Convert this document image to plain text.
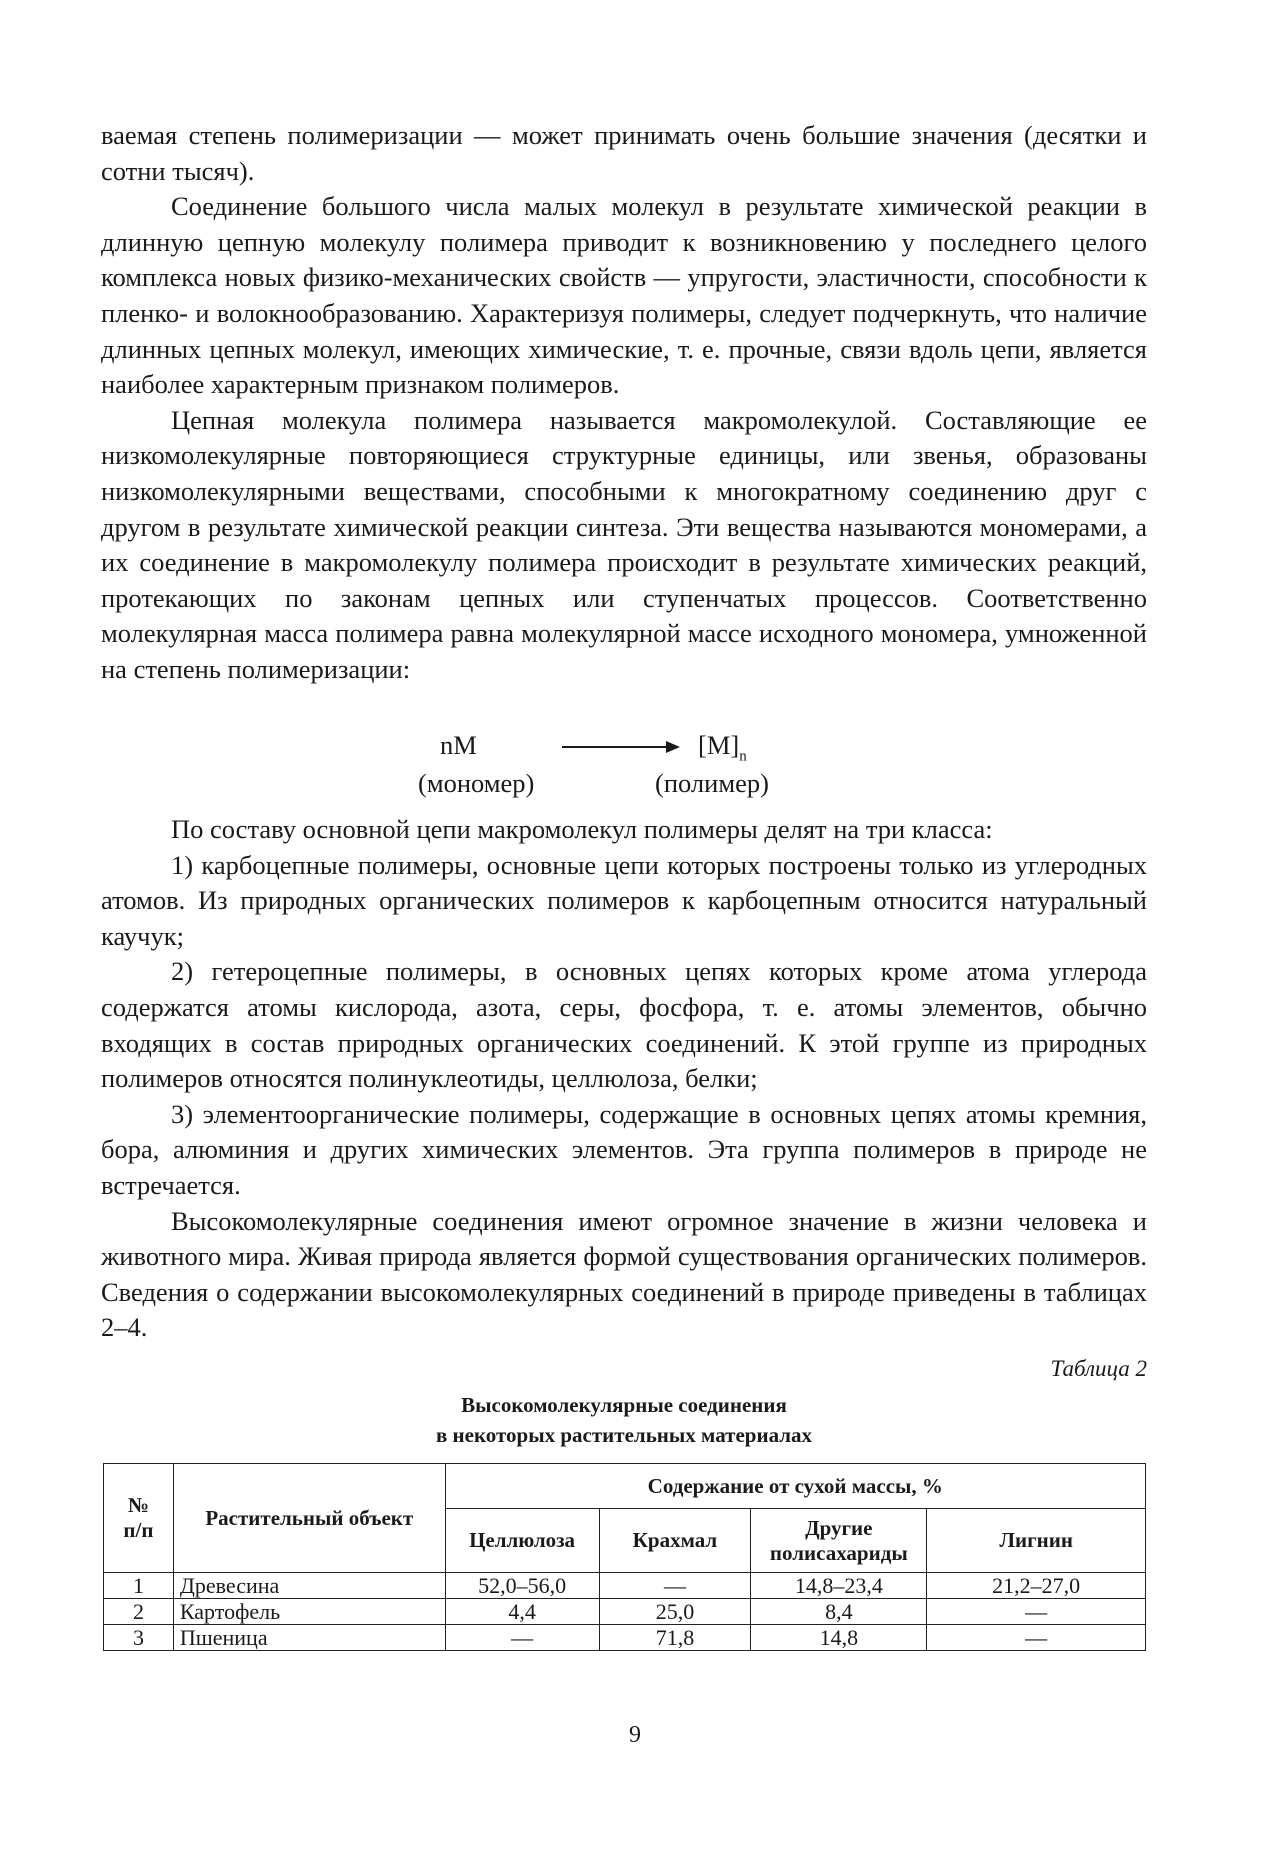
ваемая степень полимеризации — может принимать очень большие значения (десятки и сотни тысяч).

Соединение большого числа малых молекул в результате химической реакции в длинную цепную молекулу полимера приводит к возникновению у последнего целого комплекса новых физико-механических свойств — упругости, эластичности, способности к пленко- и волокнообразованию. Характеризуя полимеры, следует подчеркнуть, что наличие длинных цепных молекул, имеющих химические, т. е. прочные, связи вдоль цепи, является наиболее характерным признаком полимеров.

Цепная молекула полимера называется макромолекулой. Составляющие ее низкомолекулярные повторяющиеся структурные единицы, или звенья, образованы низкомолекулярными веществами, способными к многократному соединению друг с другом в результате химической реакции синтеза. Эти вещества называются мономерами, а их соединение в макромолекулу полимера происходит в результате химических реакций, протекающих по законам цепных или ступенчатых процессов. Соответственно молекулярная масса полимера равна молекулярной массе исходного мономера, умноженной на степень полимеризации:

nM	$[M]_n$
(мономер)	(полимер)

По составу основной цепи макромолекул полимеры делят на три класса:

1) карбоцепные полимеры, основные цепи которых построены только из углеродных атомов. Из природных органических полимеров к карбоцепным относится натуральный каучук;

2) гетероцепные полимеры, в основных цепях которых кроме атома углерода содержатся атомы кислорода, азота, серы, фосфора, т. е. атомы элементов, обычно входящих в состав природных органических соединений. К этой группе из природных полимеров относятся полинуклеотиды, целлюлоза, белки;

3) элементоорганические полимеры, содержащие в основных цепях атомы кремния, бора, алюминия и других химических элементов. Эта группа полимеров в природе не встречается.

Высокомолекулярные соединения имеют огромное значение в жизни человека и животного мира. Живая природа является формой существования органических полимеров. Сведения о содержании высокомолекулярных соединений в природе приведены в таблицах 2–4.

Таблица 2
Высокомолекулярные соединения
в некоторых растительных материалах
№
п/п	Растительный объект	Содержание от сухой массы, %			
		Целлюлоза	Крахмал	Другие полисахариды	Лигнин
1	Древесина	52,0–56,0	—	14,8–23,4	21,2–27,0
2	Картофель	4,4	25,0	8,4	—
3	Пшеница	—	71,8	14,8	—
9
